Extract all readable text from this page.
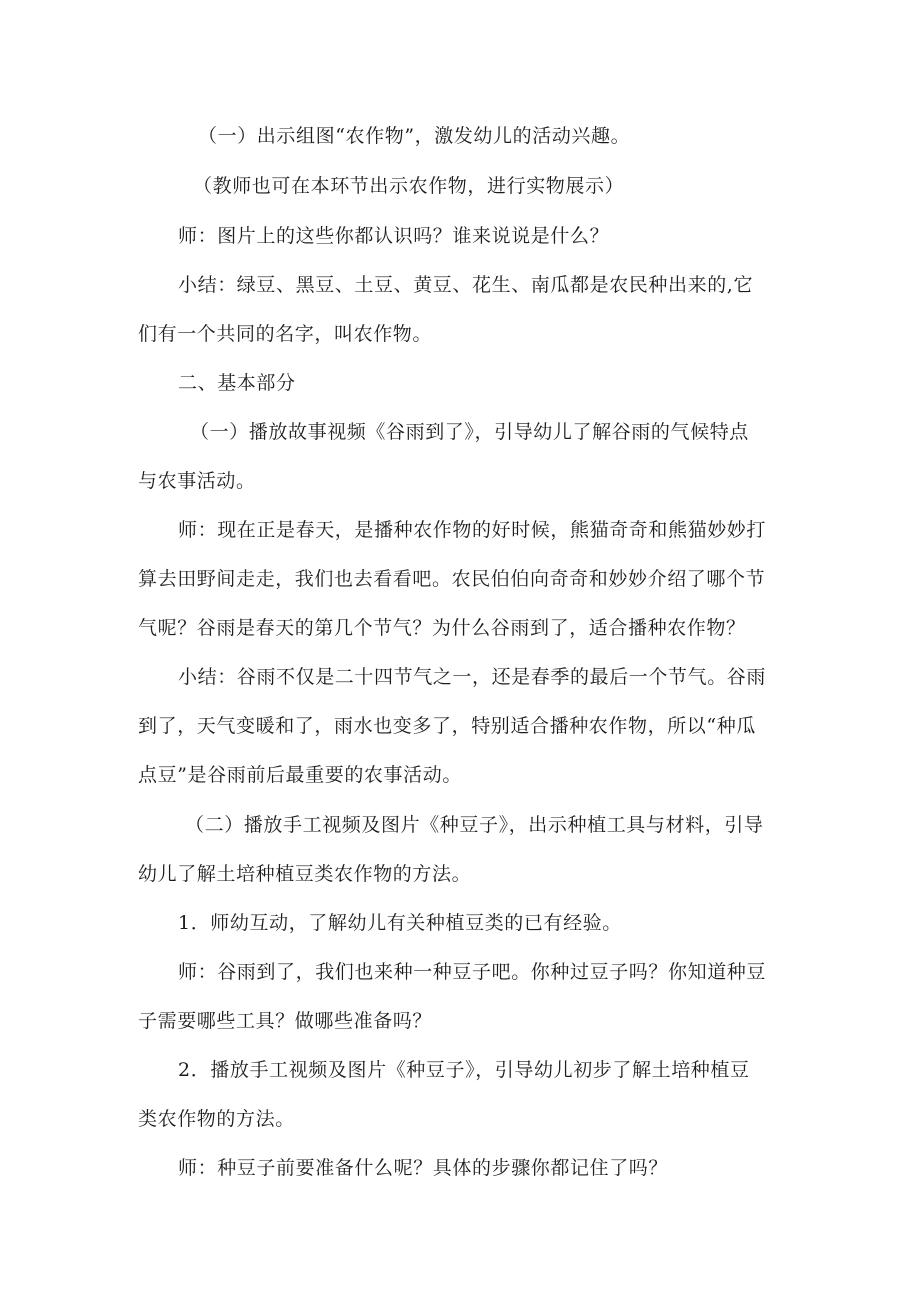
（一）出示组图“农作物”，激发幼儿的活动兴趣。
（教师也可在本环节出示农作物，进行实物展示）
师：图片上的这些你都认识吗？谁来说说是什么？
小结：绿豆、黑豆、土豆、黄豆、花生、南瓜都是农民种出来的,它
们有一个共同的名字，叫农作物。
二、基本部分
（一）播放故事视频《谷雨到了》，引导幼儿了解谷雨的气候特点
与农事活动。
师：现在正是春天，是播种农作物的好时候，熊猫奇奇和熊猫妙妙打
算去田野间走走，我们也去看看吧。农民伯伯向奇奇和妙妙介绍了哪个节
气呢？谷雨是春天的第几个节气？为什么谷雨到了，适合播种农作物？
小结：谷雨不仅是二十四节气之一，还是春季的最后一个节气。谷雨
到了，天气变暖和了，雨水也变多了，特别适合播种农作物，所以“种瓜
点豆”是谷雨前后最重要的农事活动。
（二）播放手工视频及图片《种豆子》，出示种植工具与材料，引导
幼儿了解土培种植豆类农作物的方法。
1．师幼互动，了解幼儿有关种植豆类的已有经验。
师：谷雨到了，我们也来种一种豆子吧。你种过豆子吗？你知道种豆
子需要哪些工具？做哪些准备吗？
2．播放手工视频及图片《种豆子》，引导幼儿初步了解土培种植豆
类农作物的方法。
师：种豆子前要准备什么呢？具体的步骤你都记住了吗？
